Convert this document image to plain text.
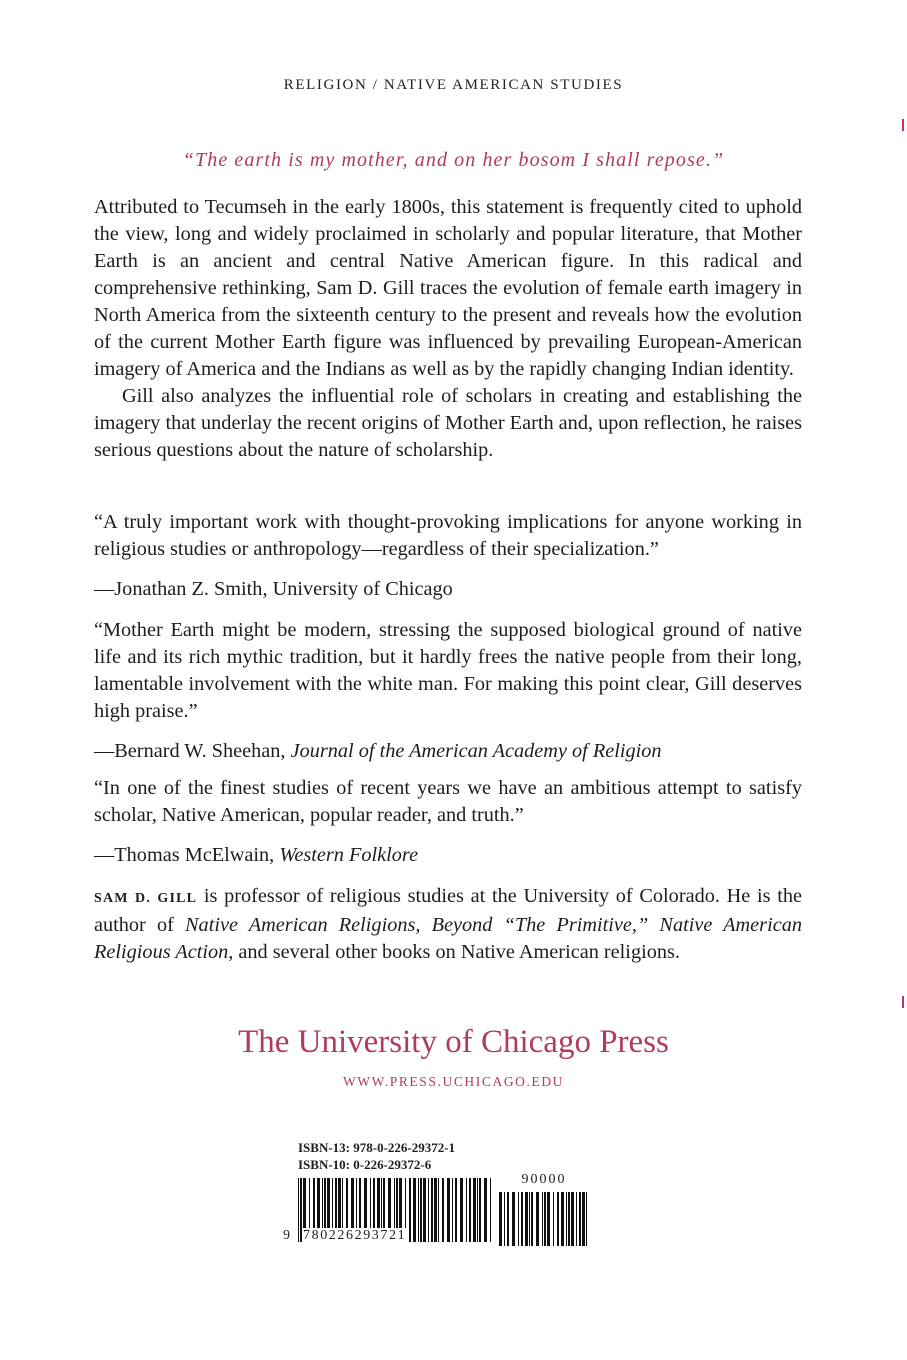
RELIGION / NATIVE AMERICAN STUDIES
“The earth is my mother, and on her bosom I shall repose.”

Attributed to Tecumseh in the early 1800s, this statement is frequently cited to uphold the view, long and widely proclaimed in scholarly and popular literature, that Mother Earth is an ancient and central Native American figure. In this radical and comprehensive rethinking, Sam D. Gill traces the evolution of female earth imagery in North America from the sixteenth century to the present and reveals how the evolution of the current Mother Earth figure was influenced by prevailing European-American imagery of America and the Indians as well as by the rapidly changing Indian identity.

Gill also analyzes the influential role of scholars in creating and establishing the imagery that underlay the recent origins of Mother Earth and, upon reflection, he raises serious questions about the nature of scholarship.

“A truly important work with thought-provoking implications for anyone working in religious studies or anthropology—regardless of their specialization.”

—Jonathan Z. Smith, University of Chicago

“Mother Earth might be modern, stressing the supposed biological ground of native life and its rich mythic tradition, but it hardly frees the native people from their long, lamentable involvement with the white man. For making this point clear, Gill deserves high praise.”

—Bernard W. Sheehan, Journal of the American Academy of Religion

“In one of the finest studies of recent years we have an ambitious attempt to satisfy scholar, Native American, popular reader, and truth.”

—Thomas McElwain, Western Folklore

SAM D. GILL is professor of religious studies at the University of Colorado. He is the author of Native American Religions, Beyond “The Primitive,” Native American Religious Action, and several other books on Native American religions.

The University of Chicago Press
WWW.PRESS.UCHICAGO.EDU
ISBN-13: 978-0-226-29372-1
ISBN-10: 0-226-29372-6
90000
9 780226293721
